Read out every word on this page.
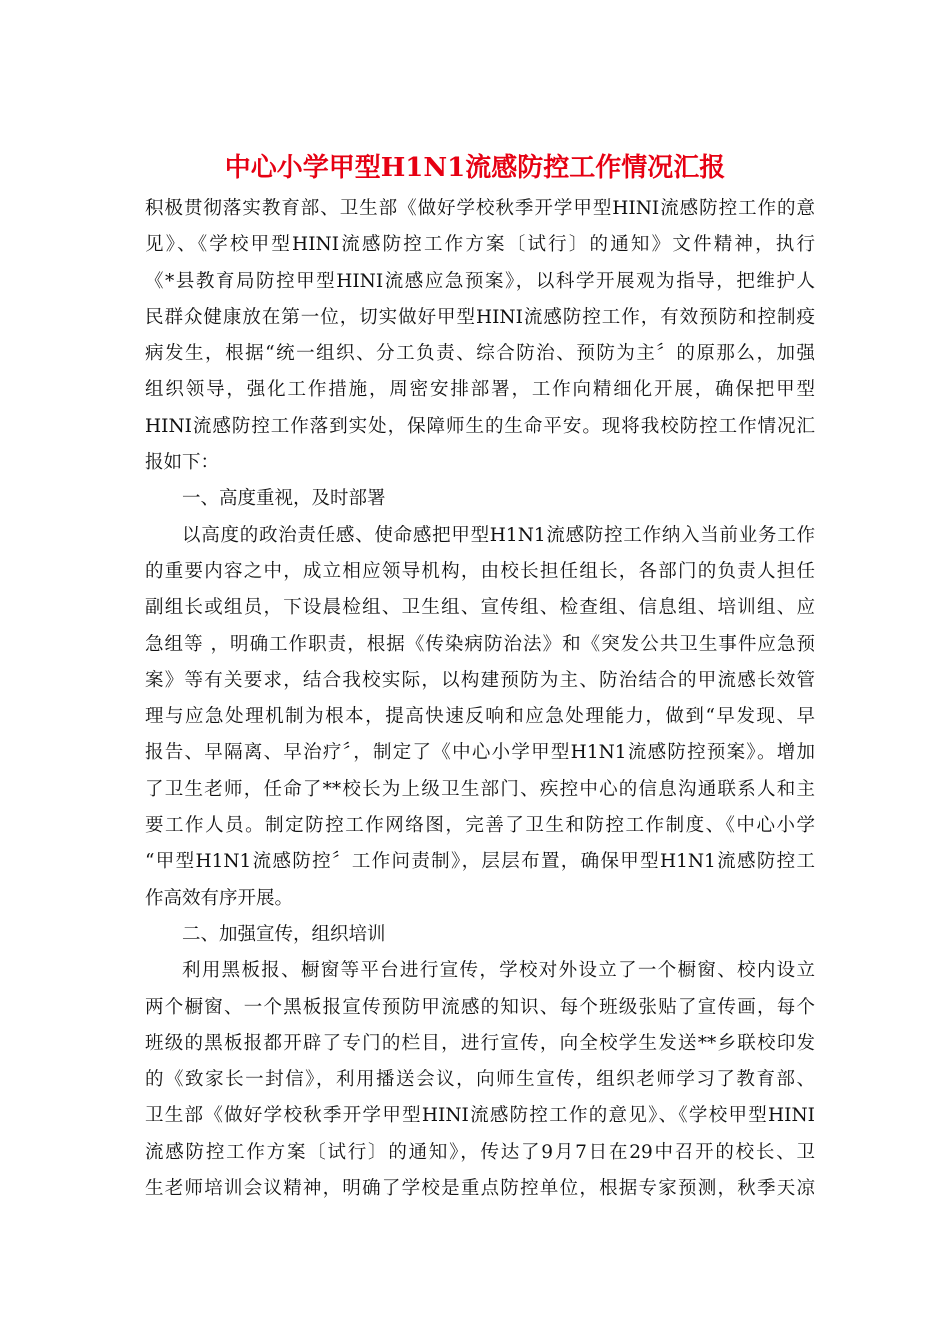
中心小学甲型H1N1流感防控工作情况汇报
积极贯彻落实教育部、卫生部《做好学校秋季开学甲型HINI流感防控工作的意
见》、《学校甲型HINI流感防控工作方案〔试行〕的通知》文件精神，执行
《*县教育局防控甲型HINI流感应急预案》，以科学开展观为指导，把维护人
民群众健康放在第一位，切实做好甲型HINI流感防控工作，有效预防和控制疫
病发生，根据“统一组织、分工负责、综合防治、预防为主〞的原那么，加强
组织领导，强化工作措施，周密安排部署，工作向精细化开展，确保把甲型
HINI流感防控工作落到实处，保障师生的生命平安。现将我校防控工作情况汇
报如下：
一、高度重视，及时部署
以高度的政治责任感、使命感把甲型H1N1流感防控工作纳入当前业务工作
的重要内容之中，成立相应领导机构，由校长担任组长，各部门的负责人担任
副组长或组员，下设晨检组、卫生组、宣传组、检查组、信息组、培训组、应
急组等 ，明确工作职责，根据《传染病防治法》和《突发公共卫生事件应急预
案》等有关要求，结合我校实际，以构建预防为主、防治结合的甲流感长效管
理与应急处理机制为根本，提高快速反响和应急处理能力，做到“早发现、早
报告、早隔离、早治疗〞，制定了《中心小学甲型H1N1流感防控预案》。增加
了卫生老师，任命了**校长为上级卫生部门、疾控中心的信息沟通联系人和主
要工作人员。制定防控工作网络图，完善了卫生和防控工作制度、《中心小学
“甲型H1N1流感防控〞工作问责制》，层层布置，确保甲型H1N1流感防控工
作高效有序开展。
二、加强宣传，组织培训
利用黑板报、橱窗等平台进行宣传，学校对外设立了一个橱窗、校内设立
两个橱窗、一个黑板报宣传预防甲流感的知识、每个班级张贴了宣传画，每个
班级的黑板报都开辟了专门的栏目，进行宣传，向全校学生发送**乡联校印发
的《致家长一封信》，利用播送会议，向师生宣传，组织老师学习了教育部、
卫生部《做好学校秋季开学甲型HINI流感防控工作的意见》、《学校甲型HINI
流感防控工作方案〔试行〕的通知》，传达了9月7日在29中召开的校长、卫
生老师培训会议精神，明确了学校是重点防控单位，根据专家预测，秋季天凉
